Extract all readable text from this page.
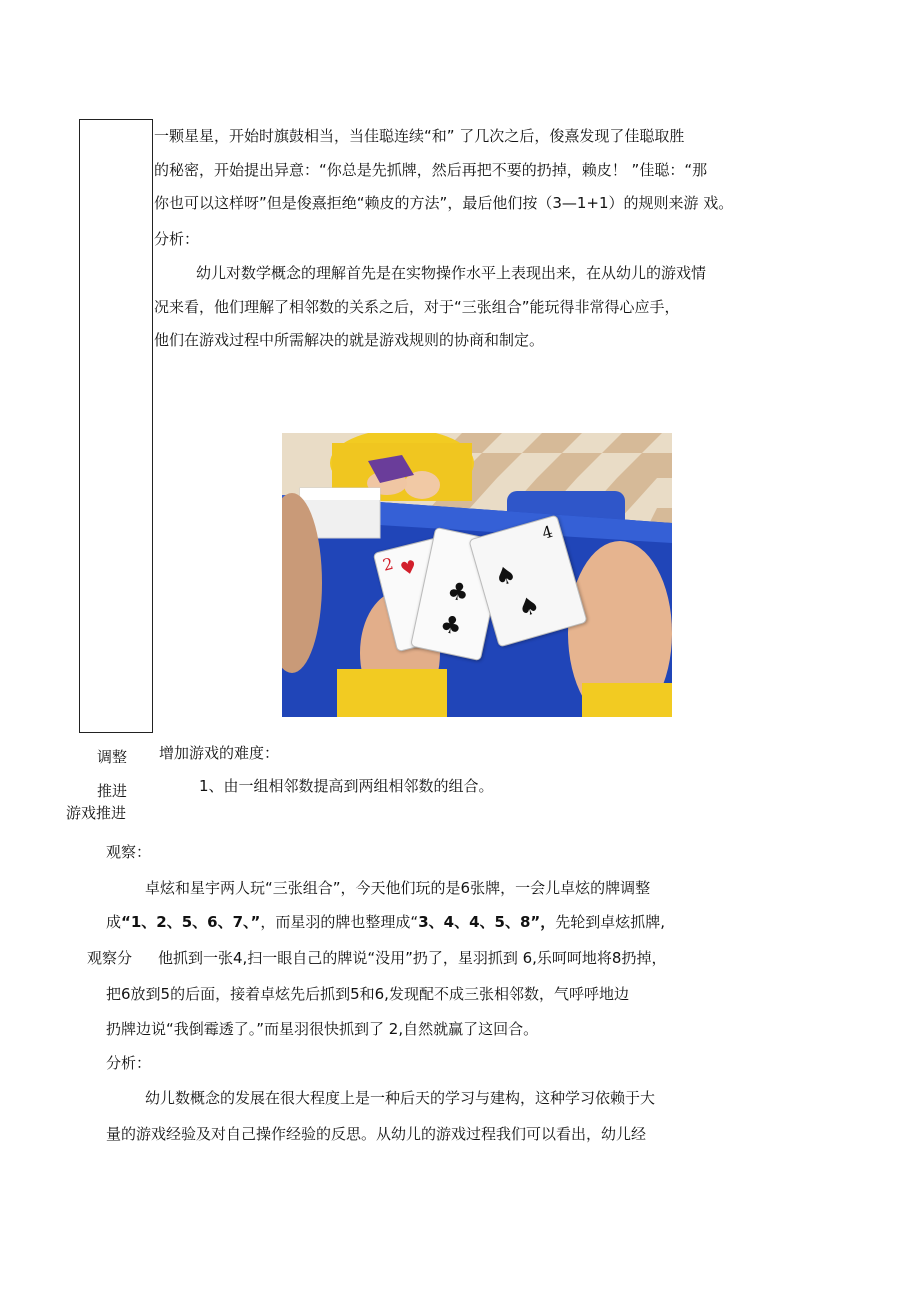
一颗星星，开始时旗鼓相当，当佳聪连续“和” 了几次之后，俊熹发现了佳聪取胜
的秘密，开始提出异意：“你总是先抓牌，然后再把不要的扔掉，赖皮！ ”佳聪：“那
你也可以这样呀”但是俊熹拒绝“赖皮的方法”，最后他们按（3—1+1）的规则来游 戏。
分析：
幼儿对数学概念的理解首先是在实物操作水平上表现出来，在从幼儿的游戏情
况来看，他们理解了相邻数的关系之后，对于“三张组合”能玩得非常得心应手，
他们在游戏过程中所需解决的就是游戏规则的协商和制定。
2 ♥
♣
♣
4
♠
♠
调整 增加游戏的难度：
1、由一组相邻数提高到两组相邻数的组合。
推进
游戏推进
观察：
卓炫和星宇两人玩“三张组合”，今天他们玩的是6张牌，一会儿卓炫的牌调整
成“1、2、5、6、7、”，而星羽的牌也整理成“3、4、4、5、8”，先轮到卓炫抓牌,
观察分 他抓到一张4,扫一眼自己的牌说“没用”扔了，星羽抓到 6,乐呵呵地将8扔掉，
把6放到5的后面，接着卓炫先后抓到5和6,发现配不成三张相邻数，气呼呼地边
扔牌边说“我倒霉透了。”而星羽很快抓到了 2,自然就赢了这回合。
分析：
幼儿数概念的发展在很大程度上是一种后天的学习与建构，这种学习依赖于大
量的游戏经验及对自己操作经验的反思。从幼儿的游戏过程我们可以看出，幼儿经
